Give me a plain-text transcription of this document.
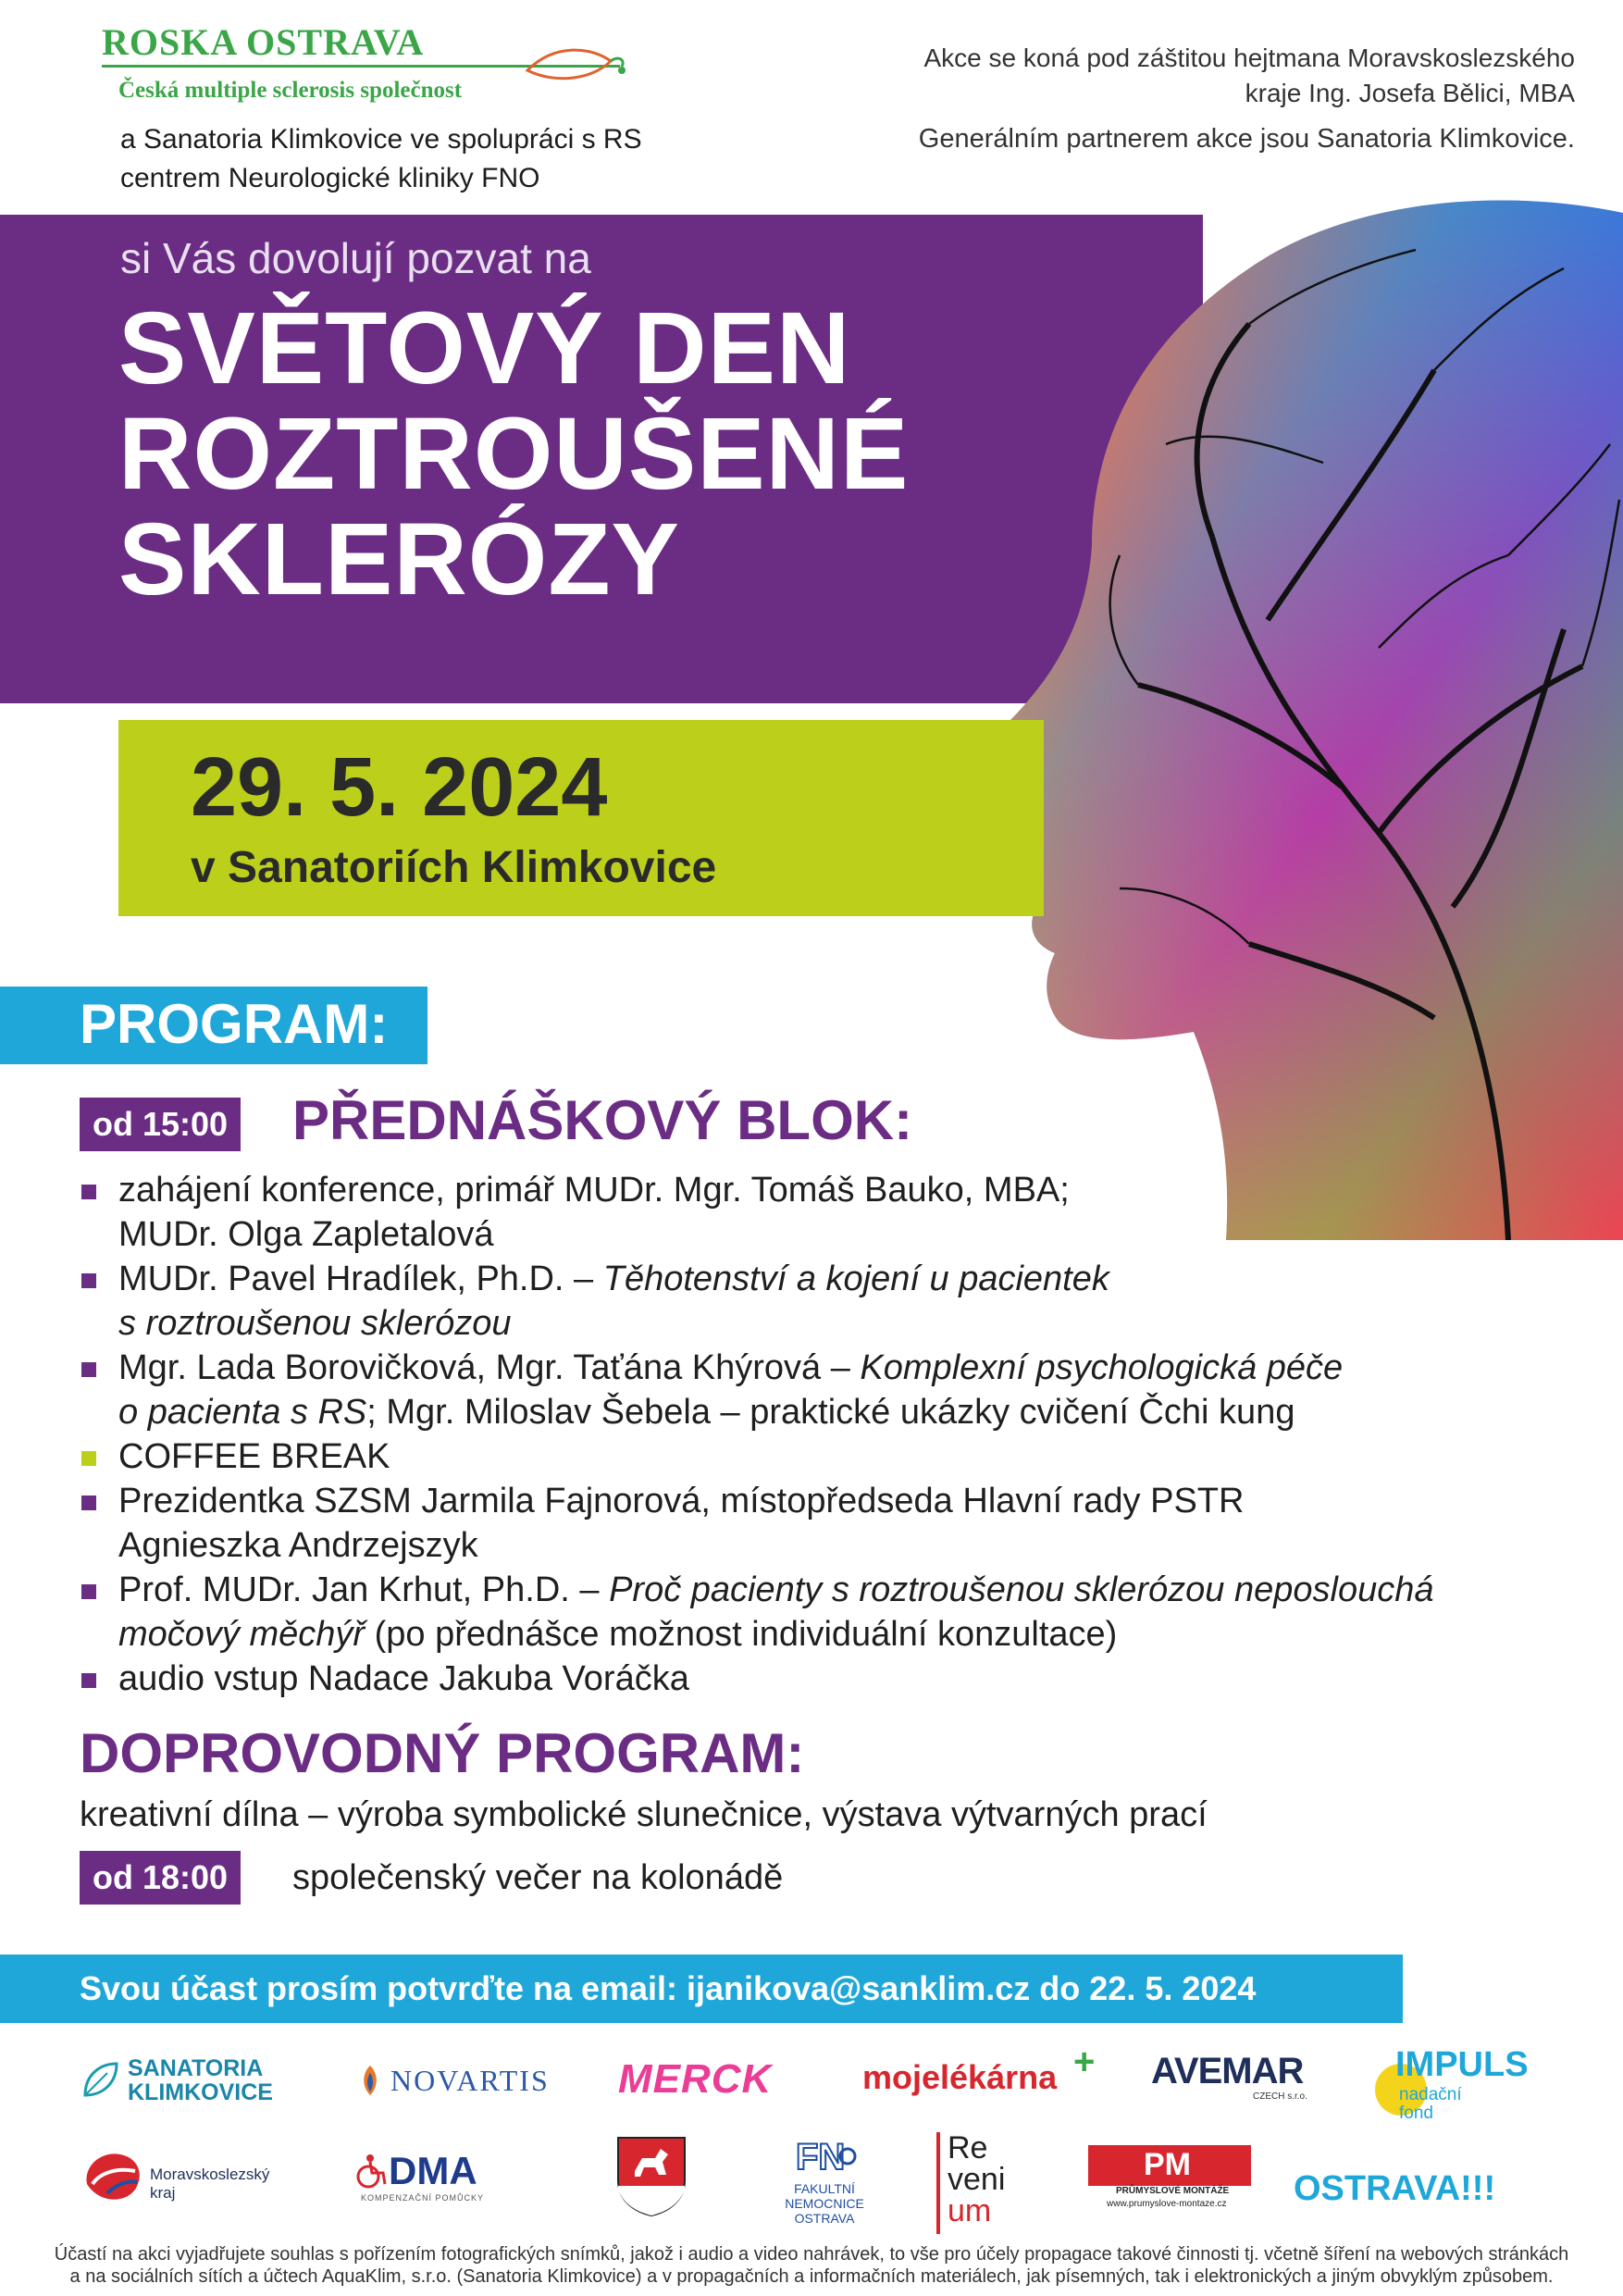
ROSKA OSTRAVA
Česká multiple sclerosis společnost
a Sanatoria Klimkovice ve spolupráci s RS
centrem Neurologické kliniky FNO
Akce se koná pod záštitou hejtmana Moravskoslezského
kraje Ing. Josefa Bělici, MBA
Generálním partnerem akce jsou Sanatoria Klimkovice.
si Vás dovolují pozvat na
SVĚTOVÝ DEN
ROZTROUŠENÉ
SKLERÓZY
29. 5. 2024
v Sanatoriích Klimkovice
PROGRAM:
od 15:00 PŘEDNÁŠKOVÝ BLOK:
zahájení konference, primář MUDr. Mgr. Tomáš Bauko, MBA;
MUDr. Olga Zapletalová
MUDr. Pavel Hradílek, Ph.D. – Těhotenství a kojení u pacientek
s roztroušenou sklerózou
Mgr. Lada Borovičková, Mgr. Taťána Khýrová – Komplexní psychologická péče
o pacienta s RS; Mgr. Miloslav Šebela – praktické ukázky cvičení Čchi kung
COFFEE BREAK
Prezidentka SZSM Jarmila Fajnorová, místopředseda Hlavní rady PSTR
Agnieszka Andrzejszyk
Prof. MUDr. Jan Krhut, Ph.D. – Proč pacienty s roztroušenou sklerózou neposlouchá
močový měchýř (po přednášce možnost individuální konzultace)
audio vstup Nadace Jakuba Voráčka
DOPROVODNÝ PROGRAM:
kreativní dílna – výroba symbolické slunečnice, výstava výtvarných prací
od 18:00	společenský večer na kolonádě
Svou účast prosím potvrďte na email: ijanikova@sanklim.cz do 22. 5. 2024
SANATORIA
KLIMKOVICE	NOVARTIS MERCK	mojelékárna + AVEMAR
CZECH s.r.o.
IMPULS
nadační
fond
Moravskoslezský
kraj
DMA
KOMPENZAČNÍ POMŮCKY
FN
FAKULTNÍ
NEMOCNICE
OSTRAVA
Re
veni
um
PM
PRŮMYSLOVÉ MONTÁŽE
www.prumyslove-montaze.cz OSTRAVA!!!
Účastí na akci vyjadřujete souhlas s pořízením fotografických snímků, jakož i audio a video nahrávek, to vše pro účely propagace takové činnosti tj. včetně šíření na webových stránkách
a na sociálních sítích a účtech AquaKlim, s.r.o. (Sanatoria Klimkovice) a v propagačních a informačních materiálech, jak písemných, tak i elektronických a jiným obvyklým způsobem.
